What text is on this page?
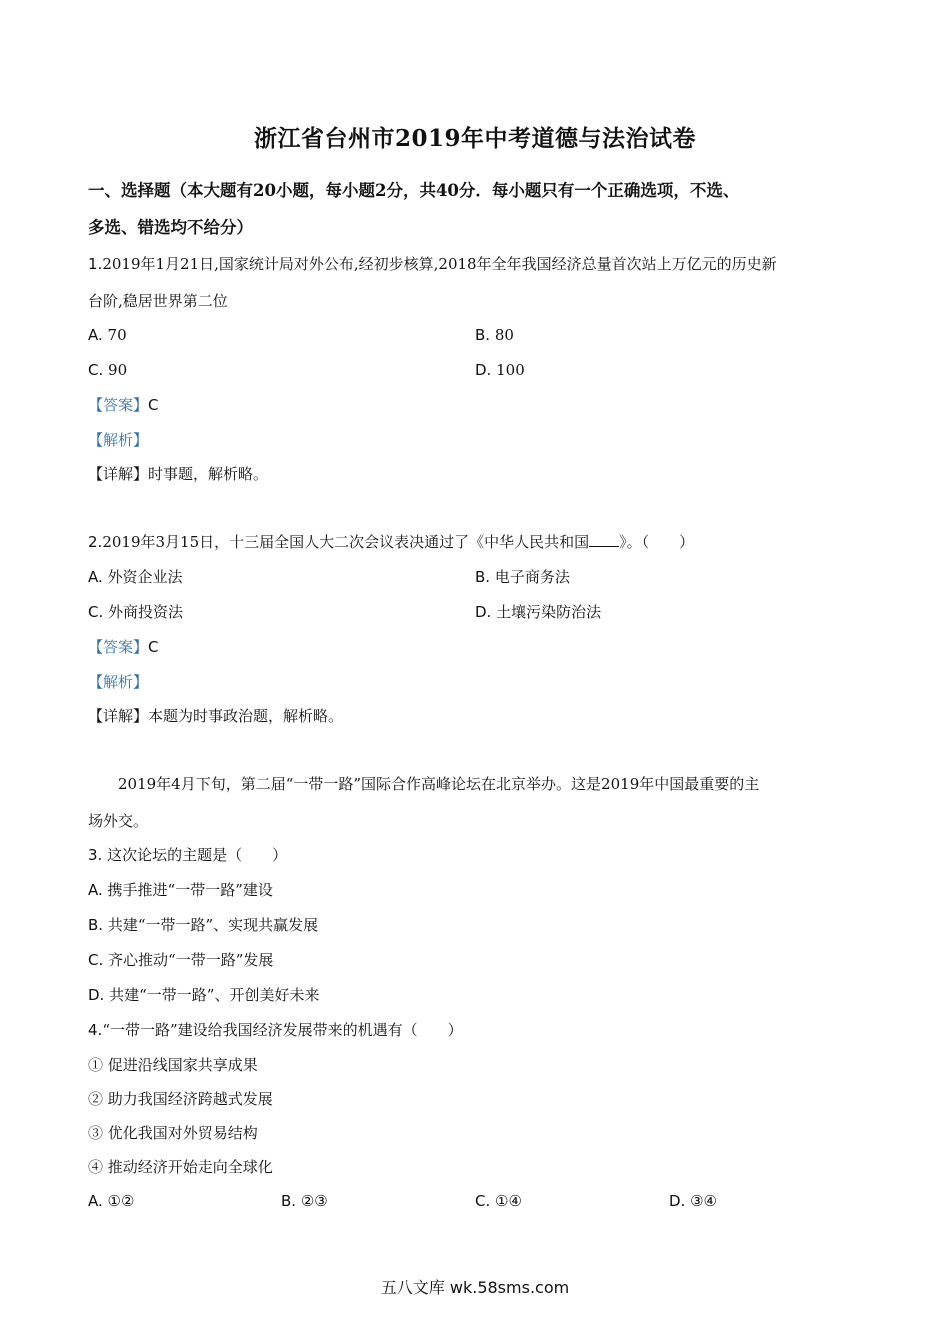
浙江省台州市2019年中考道德与法治试卷
一、选择题（本大题有20小题，每小题2分，共40分．每小题只有一个正确选项，不选、
多选、错选均不给分）
1.2019年1月21日,国家统计局对外公布,经初步核算,2018年全年我国经济总量首次站上万亿元的历史新
台阶,稳居世界第二位
A. 70	B. 80
C. 90	D. 100
【答案】C
【解析】
【详解】时事题，解析略。
2.2019年3月15日，十三届全国人大二次会议表决通过了《中华人民共和国 》。（　　）
A. 外资企业法	B. 电子商务法
C. 外商投资法	D. 土壤污染防治法
【答案】C
【解析】
【详解】本题为时事政治题，解析略。
2019年4月下旬，第二届“一带一路”国际合作高峰论坛在北京举办。这是2019年中国最重要的主
场外交。
3. 这次论坛的主题是（　　）
A. 携手推进“一带一路”建设
B. 共建“一带一路”、实现共赢发展
C. 齐心推动“一带一路”发展
D. 共建“一带一路”、开创美好未来
4.“一带一路”建设给我国经济发展带来的机遇有（　　）
① 促进沿线国家共享成果
② 助力我国经济跨越式发展
③ 优化我国对外贸易结构
④ 推动经济开始走向全球化
A. ①②	B. ②③	C. ①④	D. ③④
五八文库 wk.58sms.com
